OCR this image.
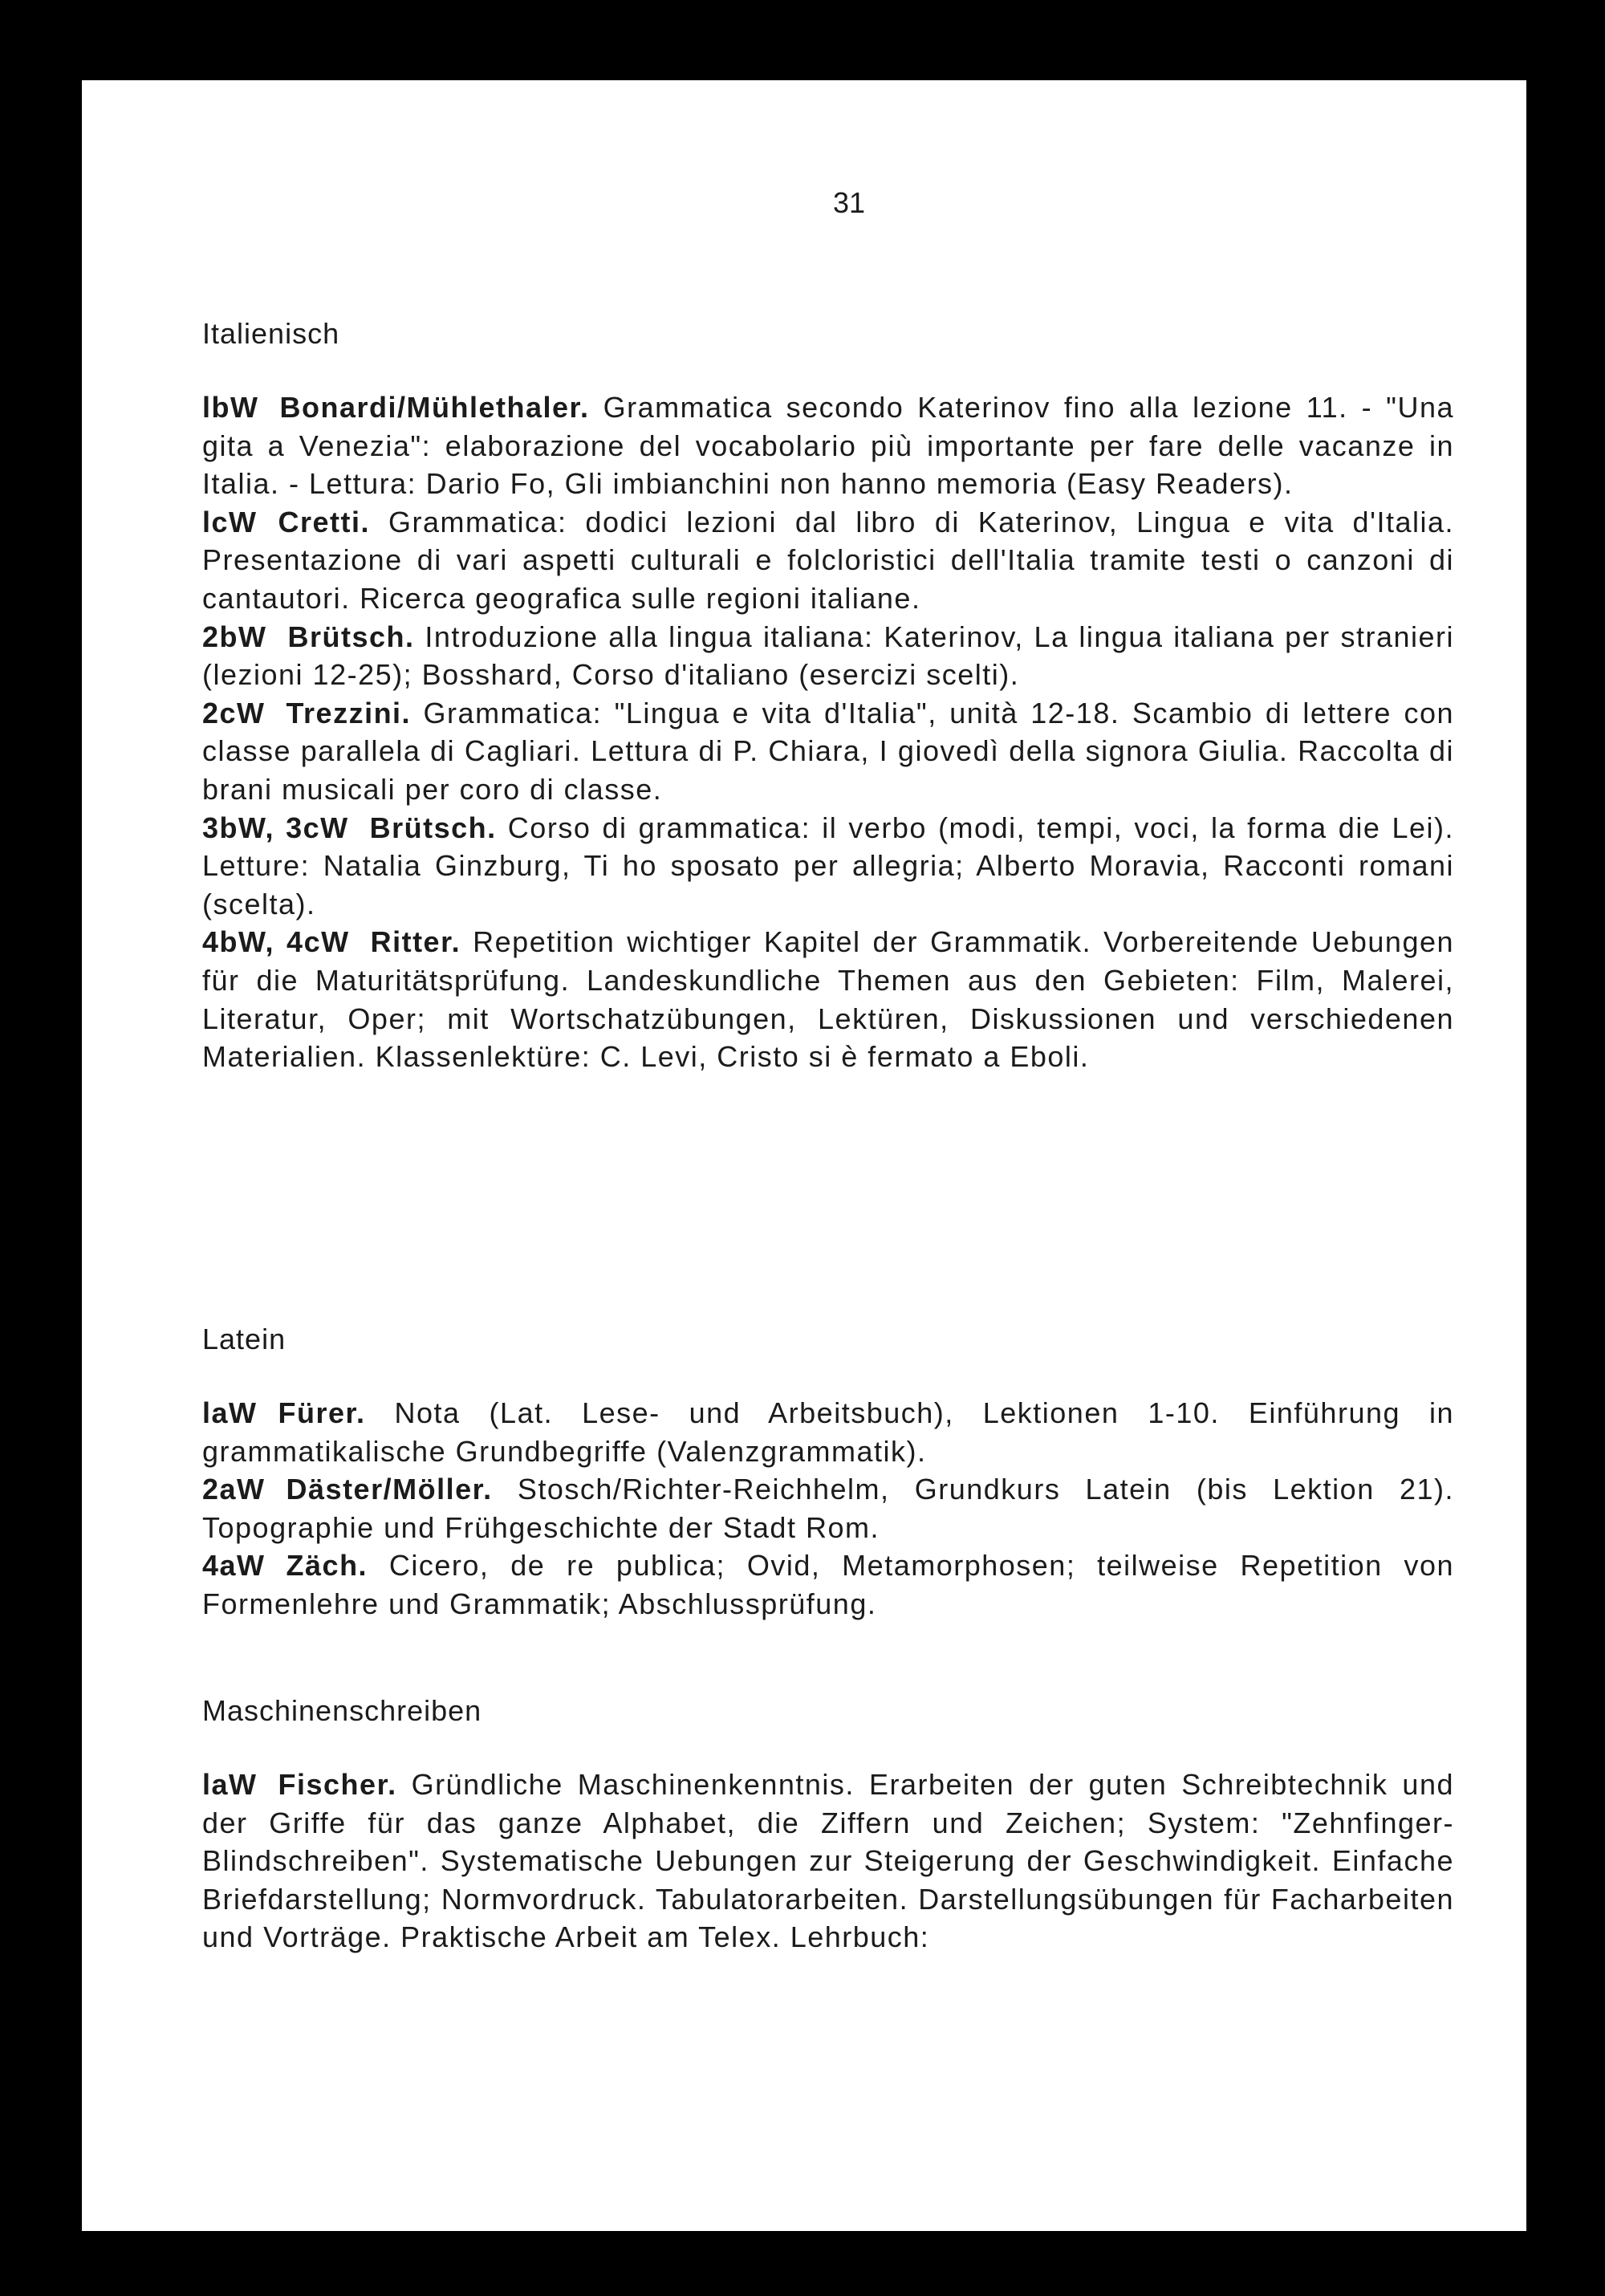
31
Italienisch

lbW Bonardi/Mühlethaler. Grammatica secondo Katerinov fino alla lezione 11. - "Una gita a Venezia": elaborazione del vocabolario più importante per fare delle vacanze in Italia. - Lettura: Dario Fo, Gli imbianchini non hanno memoria (Easy Readers).

lcW Cretti. Grammatica: dodici lezioni dal libro di Katerinov, Lingua e vita d'Italia. Presentazione di vari aspetti culturali e folcloristici dell'Italia tramite testi o canzoni di cantautori. Ricerca geografica sulle regioni italiane.

2bW Brütsch. Introduzione alla lingua italiana: Katerinov, La lingua italiana per stranieri (lezioni 12-25); Bosshard, Corso d'italiano (esercizi scelti).

2cW Trezzini. Grammatica: "Lingua e vita d'Italia", unità 12-18. Scambio di lettere con classe parallela di Cagliari. Lettura di P. Chiara, I giovedì della signora Giulia. Raccolta di brani musicali per coro di classe.

3bW, 3cW Brütsch. Corso di grammatica: il verbo (modi, tempi, voci, la forma die Lei). Letture: Natalia Ginzburg, Ti ho sposato per allegria; Alberto Moravia, Racconti romani (scelta).

4bW, 4cW Ritter. Repetition wichtiger Kapitel der Grammatik. Vorbereitende Uebungen für die Maturitätsprüfung. Landeskundliche Themen aus den Gebieten: Film, Malerei, Literatur, Oper; mit Wortschatzübungen, Lektüren, Diskussionen und verschiedenen Materialien. Klassenlektüre: C. Levi, Cristo si è fermato a Eboli.

Latein

laW Fürer. Nota (Lat. Lese- und Arbeitsbuch), Lektionen 1-10. Einführung in grammatikalische Grundbegriffe (Valenzgrammatik).

2aW Däster/Möller. Stosch/Richter-Reichhelm, Grundkurs Latein (bis Lektion 21). Topographie und Frühgeschichte der Stadt Rom.

4aW Zäch. Cicero, de re publica; Ovid, Metamorphosen; teilweise Repetition von Formenlehre und Grammatik; Abschlussprüfung.

Maschinenschreiben

laW Fischer. Gründliche Maschinenkenntnis. Erarbeiten der guten Schreibtechnik und der Griffe für das ganze Alphabet, die Ziffern und Zeichen; System: "Zehnfinger-Blindschreiben". Systematische Uebungen zur Steigerung der Geschwindigkeit. Einfache Briefdarstellung; Normvordruck. Tabulatorarbeiten. Darstellungsübungen für Facharbeiten und Vorträge. Praktische Arbeit am Telex. Lehrbuch:
